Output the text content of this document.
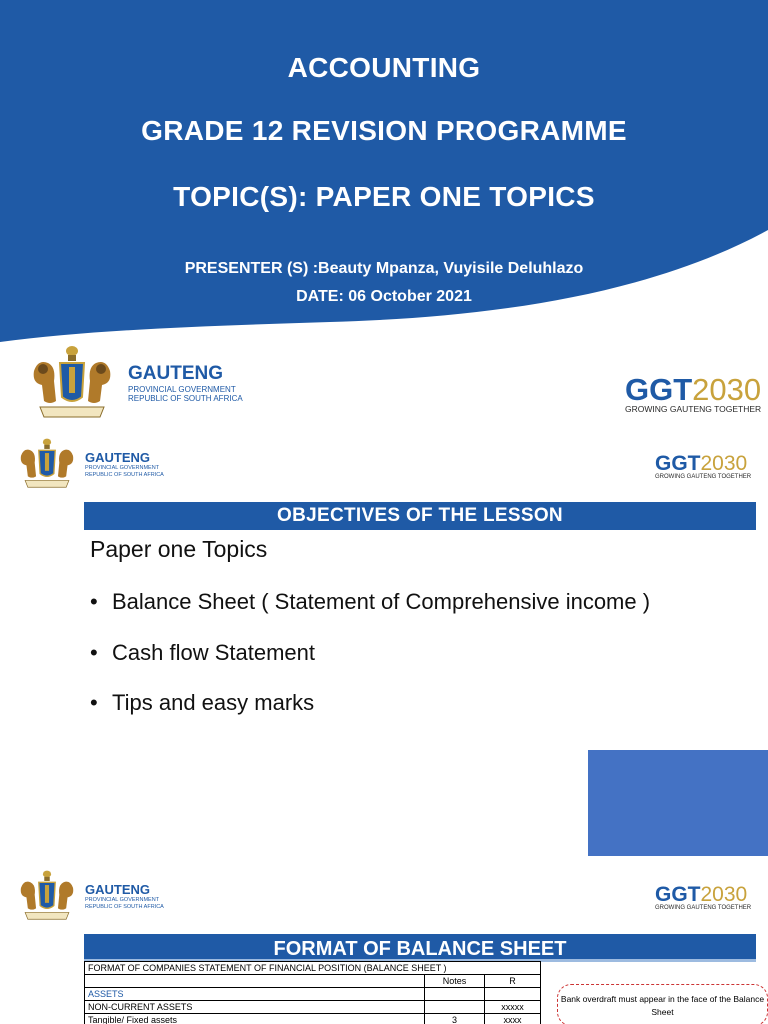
ACCOUNTING
GRADE 12 REVISION PROGRAMME
TOPIC(S): PAPER ONE TOPICS
PRESENTER (S) :Beauty Mpanza, Vuyisile Deluhlazo
DATE: 06 October 2021
GAUTENG
PROVINCIAL GOVERNMENT
REPUBLIC OF SOUTH AFRICA	GGT2030
GROWING GAUTENG TOGETHER
GAUTENG
PROVINCIAL GOVERNMENT
REPUBLIC OF SOUTH AFRICA	GGT2030
GROWING GAUTENG TOGETHER
OBJECTIVES OF THE LESSON
Paper one Topics
• Balance Sheet ( Statement of Comprehensive income )
• Cash flow Statement
• Tips and easy marks
GAUTENG
PROVINCIAL GOVERNMENT
REPUBLIC OF SOUTH AFRICA
GGT2030
GROWING GAUTENG TOGETHER
FORMAT OF BALANCE SHEET
FORMAT OF COMPANIES STATEMENT OF FINANCIAL POSITION (BALANCE SHEET )		
	Notes	R
ASSETS		
NON-CURRENT ASSETS		xxxxx
Tangible/ Fixed assets	3	xxxx
Bank overdraft must appear in the face of the Balance Sheet
